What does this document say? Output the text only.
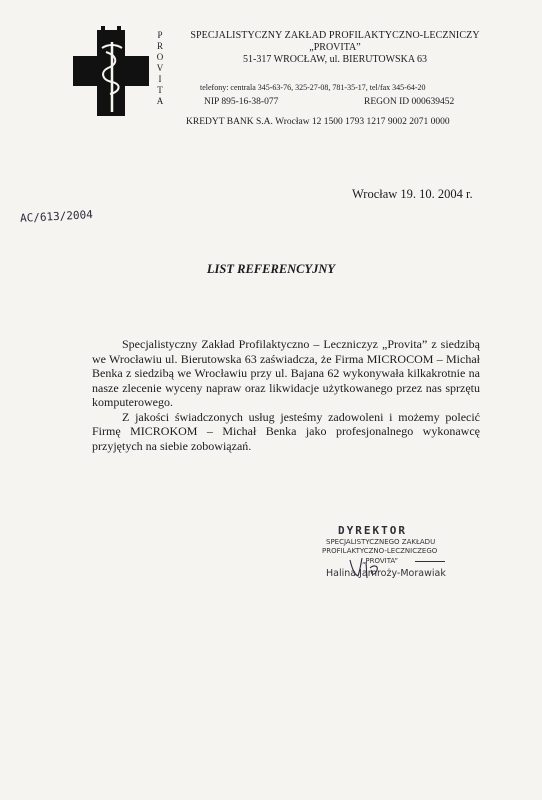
P
R
O
V
I
T
A
SPECJALISTYCZNY ZAKŁAD PROFILAKTYCZNO-LECZNICZY
„PROVITA”
51-317 WROCŁAW, ul. BIERUTOWSKA 63
telefony: centrala 345-63-76, 325-27-08, 781-35-17, tel/fax 345-64-20
NIP 895-16-38-077	REGON ID 000639452
KREDYT BANK S.A. Wrocław 12 1500 1793 1217 9002 2071 0000
Wrocław 19. 10. 2004 r.
AC/613/2004
LIST REFERENCYJNY

Specjalistyczny Zakład Profilaktyczno – Leczniczyz „Provita” z siedzibą we Wrocławiu ul. Bierutowska 63 zaświadcza, że Firma MICROCOM – Michał Benka z siedzibą we Wrocławiu przy ul. Bajana 62 wykonywała kilkakrotnie na nasze zlecenie wyceny napraw oraz likwidacje użytkowanego przez nas sprzętu komputerowego.

Z jakości świadczonych usług jesteśmy zadowoleni i możemy polecić Firmę MICROKOM – Michał Benka jako profesjonalnego wykonawcę przyjętych na siebie zobowiązań.

DYREKTOR
SPECJALISTYCZNEGO ZAKŁADU
PROFILAKTYCZNO-LECZNICZEGO
„PROVITA”
Halina Jamroży-Morawiak
